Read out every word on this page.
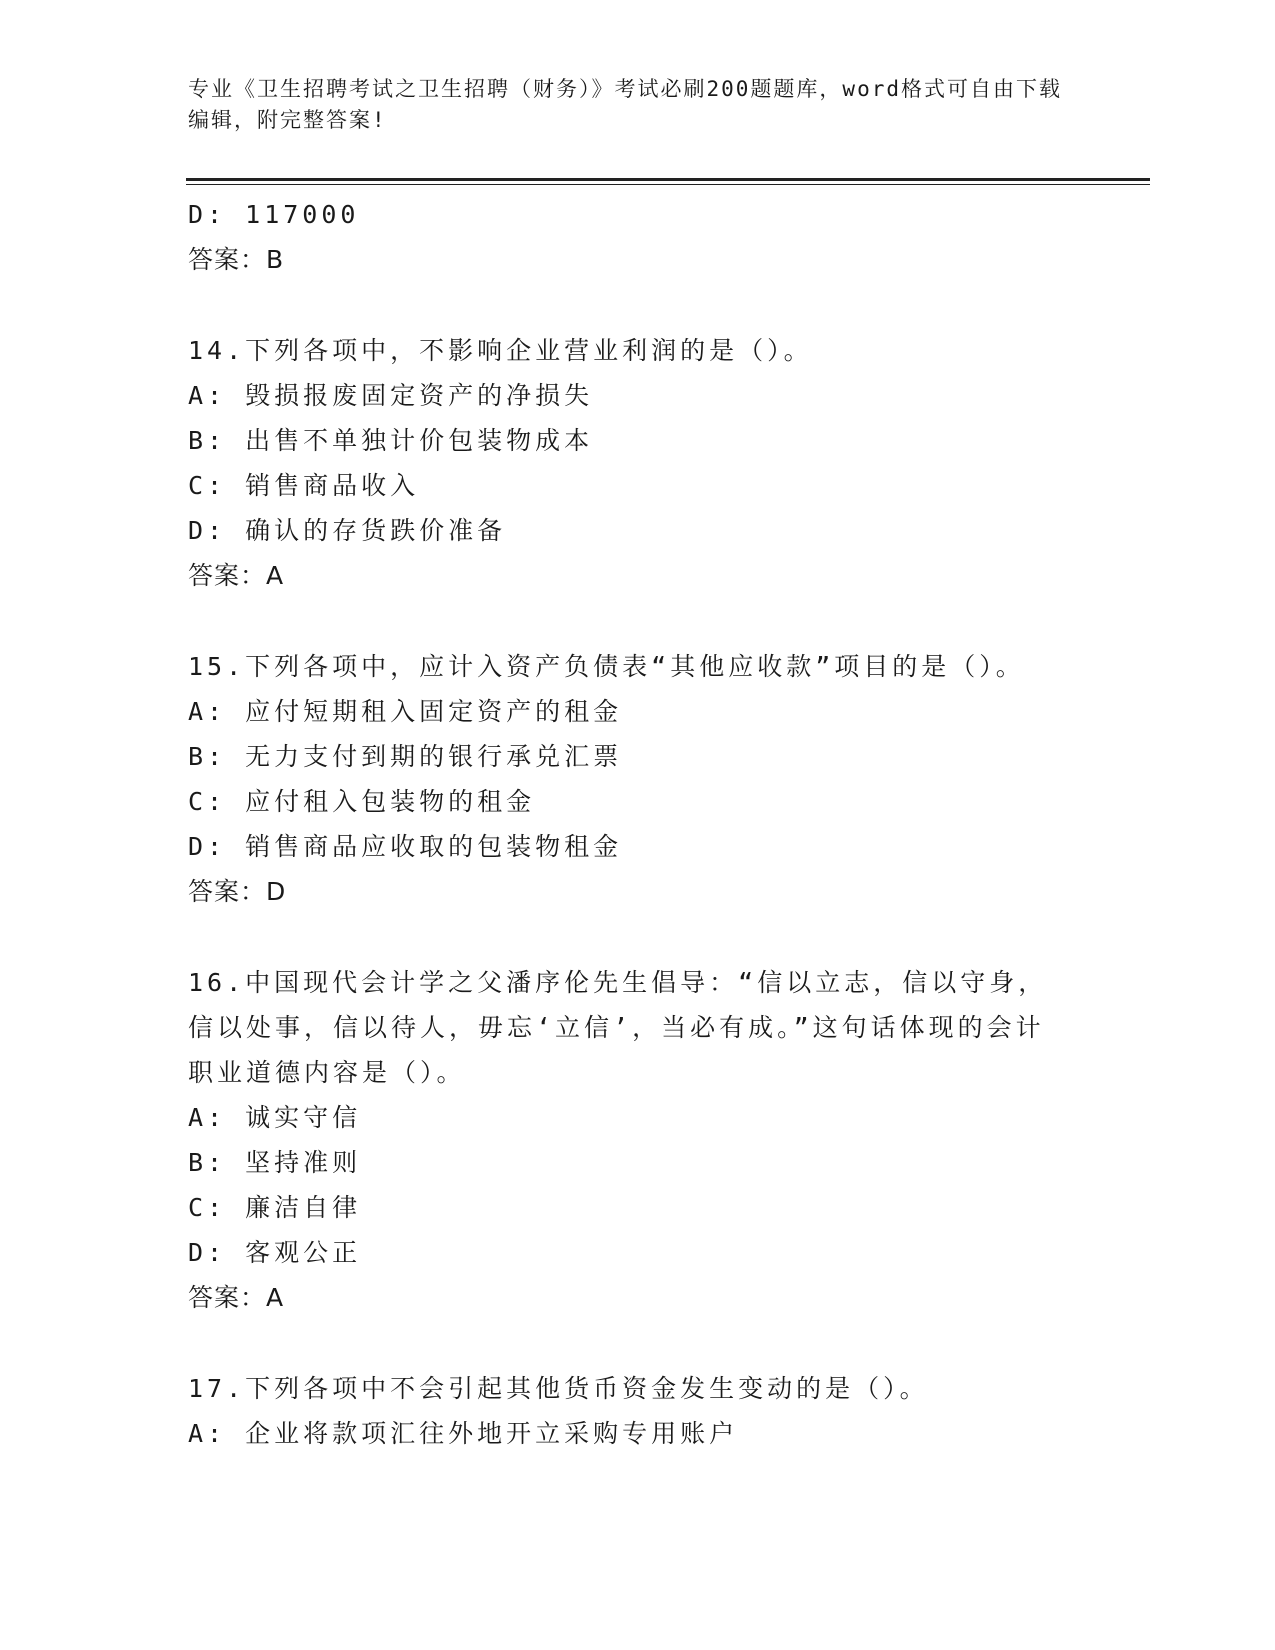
专业《卫生招聘考试之卫生招聘（财务）》考试必刷200题题库，word格式可自由下载编辑，附完整答案!
D: 117000
答案：B
14.下列各项中，不影响企业营业利润的是（）。
A: 毁损报废固定资产的净损失
B: 出售不单独计价包装物成本
C: 销售商品收入
D: 确认的存货跌价准备
答案：A
15.下列各项中，应计入资产负债表“其他应收款”项目的是（）。
A: 应付短期租入固定资产的租金
B: 无力支付到期的银行承兑汇票
C: 应付租入包装物的租金
D: 销售商品应收取的包装物租金
答案：D
16.中国现代会计学之父潘序伦先生倡导：“信以立志，信以守身，信以处事，信以待人，毋忘‘立信’，当必有成。”这句话体现的会计职业道德内容是（）。
A: 诚实守信
B: 坚持准则
C: 廉洁自律
D: 客观公正
答案：A
17.下列各项中不会引起其他货币资金发生变动的是（）。
A: 企业将款项汇往外地开立采购专用账户
